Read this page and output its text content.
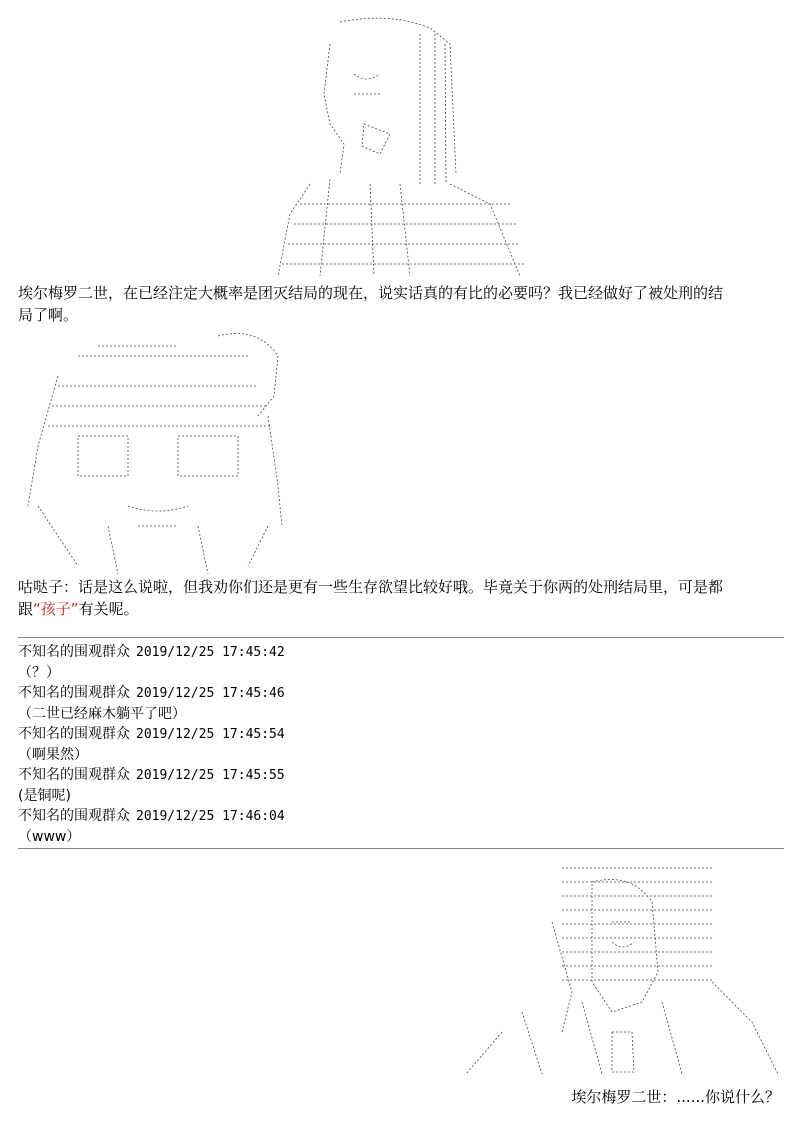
埃尔梅罗二世，在已经注定大概率是团灭结局的现在，说实话真的有比的必要吗？我已经做好了被处刑的结
局了啊。
咕哒子：话是这么说啦，但我劝你们还是更有一些生存欲望比较好哦。毕竟关于你两的处刑结局里，可是都
跟“孩子”有关呢。
不知名的围观群众 2019/12/25 17:45:42
（？）
不知名的围观群众 2019/12/25 17:45:46
（二世已经麻木躺平了吧）
不知名的围观群众 2019/12/25 17:45:54
（啊果然）
不知名的围观群众 2019/12/25 17:45:55
(是铜呢)
不知名的围观群众 2019/12/25 17:46:04
（www）
埃尔梅罗二世：......你说什么？
